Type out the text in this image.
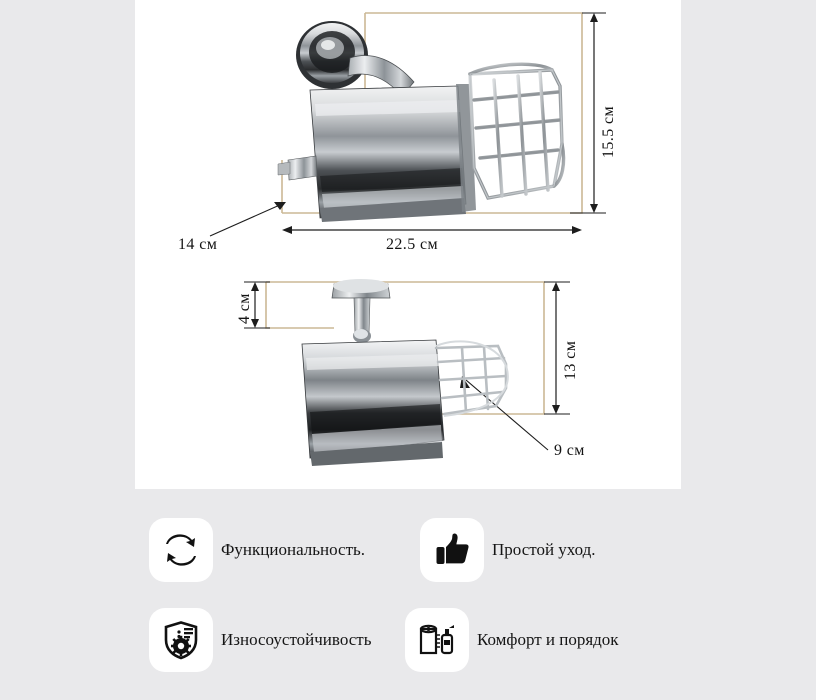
15.5 см
14 см	22.5 см
4 см
13 см
9 см
Функциональность.	Простой уход.
Износоустойчивость	Комфорт и порядок
